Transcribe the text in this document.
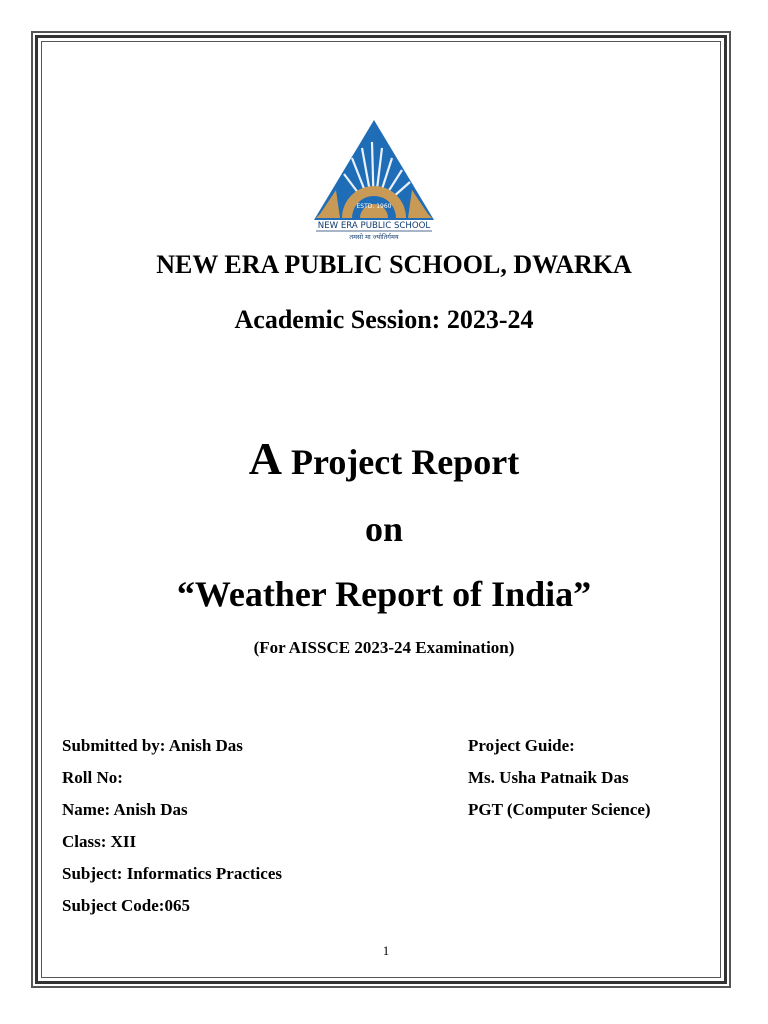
ESTD. 1960
NEW ERA PUBLIC SCHOOL
तमसो मा ज्योतिर्गमय
NEW ERA PUBLIC SCHOOL, DWARKA
Academic Session: 2023-24
A Project Report
on
“Weather Report of India”
(For AISSCE 2023-24 Examination)
Submitted by: Anish Das
Roll No:
Name: Anish Das
Class: XII
Subject: Informatics Practices
Subject Code:065
Project Guide:
Ms. Usha Patnaik Das
PGT (Computer Science)
1
